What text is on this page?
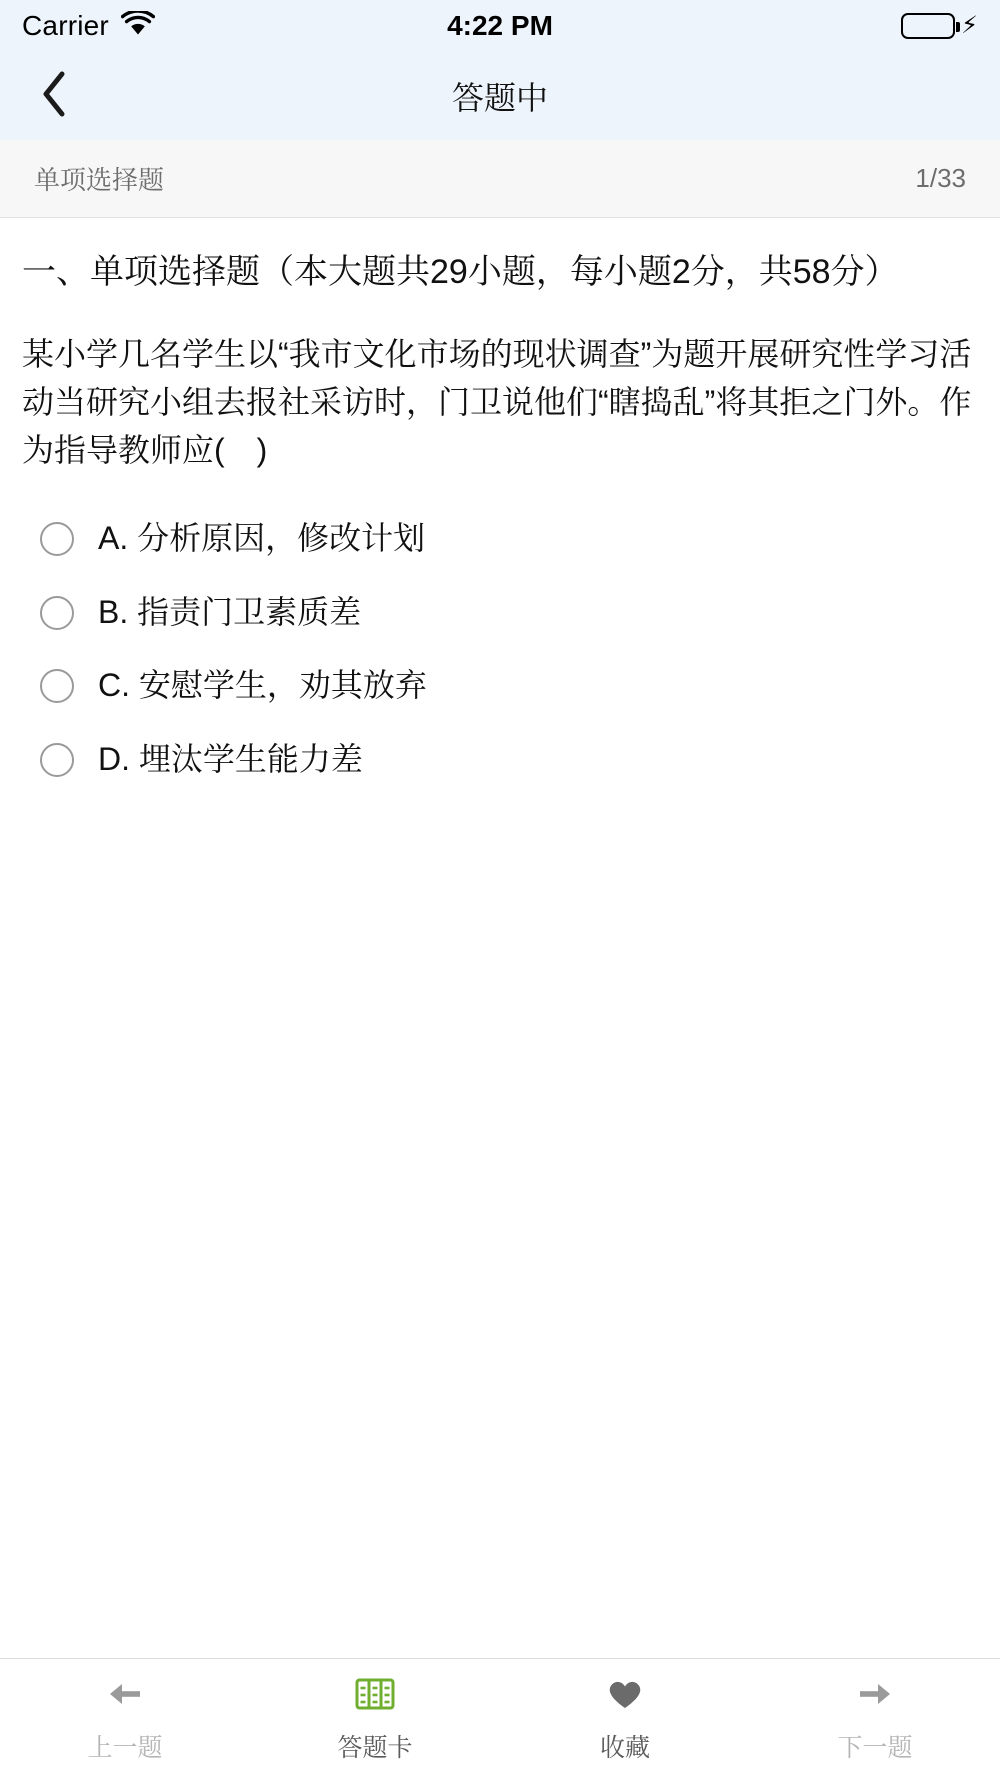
Carrier	4:22 PM	⚡
答题中
单项选择题	1/33
一、单项选择题（本大题共29小题，每小题2分，共58分）
某小学几名学生以“我市文化市场的现状调查”为题开展研究性学习活动当研究小组去报社采访时，门卫说他们“瞎捣乱”将其拒之门外。作为指导教师应(　)
A. 分析原因，修改计划
B. 指责门卫素质差
C. 安慰学生，劝其放弃
D. 埋汰学生能力差
上一题	答题卡	收藏	下一题
